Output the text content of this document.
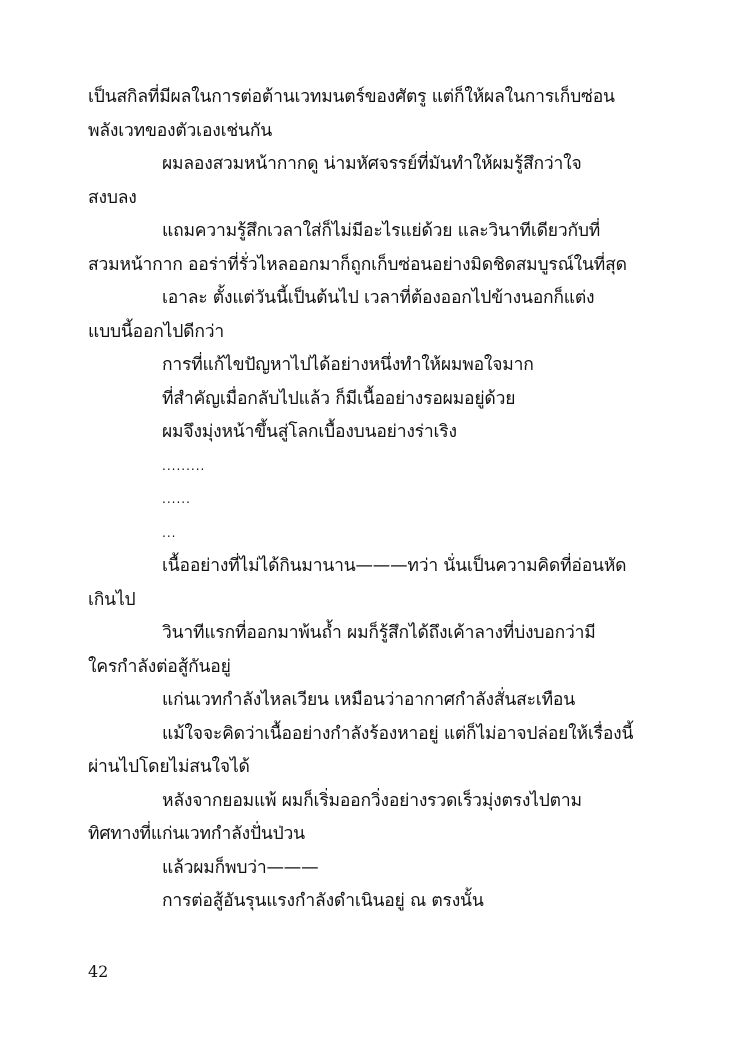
เป็นสกิลที่มีผลในการต่อต้านเวทมนตร์ของศัตรู แต่ก็ให้ผลในการเก็บซ่อน
พลังเวทของตัวเองเช่นกัน
ผมลองสวมหน้ากากดู น่ามหัศจรรย์ที่มันทำให้ผมรู้สึกว่าใจ
สงบลง
แถมความรู้สึกเวลาใส่ก็ไม่มีอะไรแย่ด้วย และวินาทีเดียวกับที่
สวมหน้ากาก ออร่าที่รั่วไหลออกมาก็ถูกเก็บซ่อนอย่างมิดชิดสมบูรณ์ในที่สุด
เอาละ ตั้งแต่วันนี้เป็นต้นไป เวลาที่ต้องออกไปข้างนอกก็แต่ง
แบบนี้ออกไปดีกว่า
การที่แก้ไขปัญหาไปได้อย่างหนึ่งทำให้ผมพอใจมาก
ที่สำคัญเมื่อกลับไปแล้ว ก็มีเนื้ออย่างรอผมอยู่ด้วย
ผมจึงมุ่งหน้าขึ้นสู่โลกเบื้องบนอย่างร่าเริง
.........
......
...
เนื้ออย่างที่ไม่ได้กินมานาน———ทว่า นั่นเป็นความคิดที่อ่อนหัด
เกินไป
วินาทีแรกที่ออกมาพ้นถ้ำ ผมก็รู้สึกได้ถึงเค้าลางที่บ่งบอกว่ามี
ใครกำลังต่อสู้กันอยู่
แก่นเวทกำลังไหลเวียน เหมือนว่าอากาศกำลังสั่นสะเทือน
แม้ใจจะคิดว่าเนื้ออย่างกำลังร้องหาอยู่ แต่ก็ไม่อาจปล่อยให้เรื่องนี้
ผ่านไปโดยไม่สนใจได้
หลังจากยอมแพ้ ผมก็เริ่มออกวิ่งอย่างรวดเร็วมุ่งตรงไปตาม
ทิศทางที่แก่นเวทกำลังปั่นป่วน
แล้วผมก็พบว่า———
การต่อสู้อันรุนแรงกำลังดำเนินอยู่ ณ ตรงนั้น
42
